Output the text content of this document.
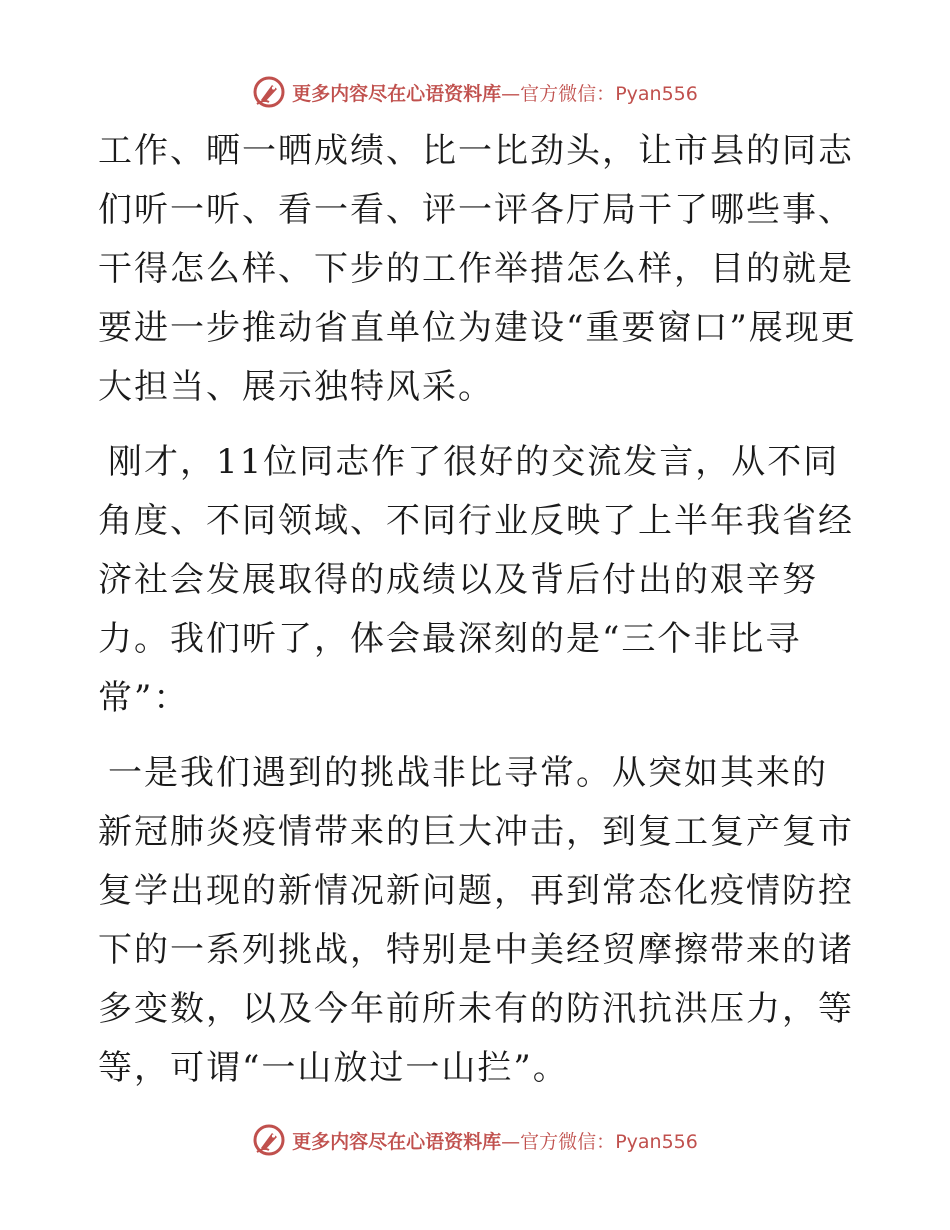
更多内容尽在心语资料库—官方微信：Pyan556

工作、晒一晒成绩、比一比劲头，让市县的同志们听一听、看一看、评一评各厅局干了哪些事、干得怎么样、下步的工作举措怎么样，目的就是要进一步推动省直单位为建设“重要窗口”展现更大担当、展示独特风采。

刚才，11位同志作了很好的交流发言，从不同角度、不同领域、不同行业反映了上半年我省经济社会发展取得的成绩以及背后付出的艰辛努力。我们听了，体会最深刻的是“三个非比寻常”：

一是我们遇到的挑战非比寻常。从突如其来的新冠肺炎疫情带来的巨大冲击，到复工复产复市复学出现的新情况新问题，再到常态化疫情防控下的一系列挑战，特别是中美经贸摩擦带来的诸多变数，以及今年前所未有的防汛抗洪压力，等等，可谓“一山放过一山拦”。

更多内容尽在心语资料库—官方微信：Pyan556
